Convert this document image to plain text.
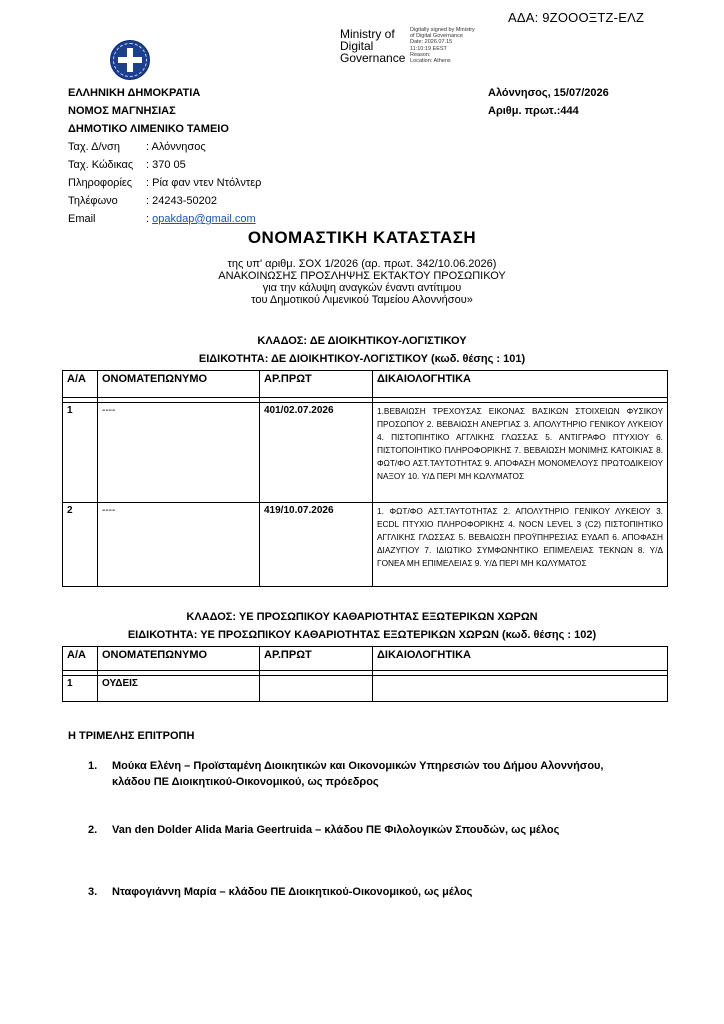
ΑΔΑ: 9ΖΟΟΟΞΤΖ-ΕΛΖ
Ministry of
Digital
Governance
Digitally signed by Ministry
of Digital Governance
Date: 2026.07.15
11:10:19 EEST
Reason:
Location: Athens
ΕΛΛΗΝΙΚΗ ΔΗΜΟΚΡΑΤΙΑ
ΝΟΜΟΣ ΜΑΓΝΗΣΙΑΣ
ΔΗΜΟΤΙΚΟ ΛΙΜΕΝΙΚΟ ΤΑΜΕΙΟ
Ταχ. Δ/νση : Αλόννησος
Ταχ. Κώδικας : 370 05
Πληροφορίες : Ρία φαν ντεν Ντόλντερ
Τηλέφωνο	: 24243-50202
Email	: opakdap@gmail.com
Αλόννησος, 15/07/2026
Αριθμ. πρωτ.:444
ΟΝΟΜΑΣΤΙΚΗ ΚΑΤΑΣΤΑΣΗ
της υπ' αριθμ. ΣΟΧ 1/2026 (αρ. πρωτ. 342/10.06.2026)
ΑΝΑΚΟΙΝΩΣΗΣ ΠΡΟΣΛΗΨΗΣ ΕΚΤΑΚΤΟΥ ΠΡΟΣΩΠΙΚΟΥ
για την κάλυψη αναγκών έναντι αντίτιμου
του Δημοτικού Λιμενικού Ταμείου Αλοννήσου»
ΚΛΑΔΟΣ: ΔΕ ΔΙΟΙΚΗΤΙΚΟΥ-ΛΟΓΙΣΤΙΚΟΥ
ΕΙΔΙΚΟΤΗΤΑ: ΔΕ ΔΙΟΙΚΗΤΙΚΟΥ-ΛΟΓΙΣΤΙΚΟΥ (κωδ. θέσης : 101)
Α/Α	ΟΝΟΜΑΤΕΠΩΝΥΜΟ	ΑΡ.ΠΡΩΤ	ΔΙΚΑΙΟΛΟΓΗΤΙΚΑ

1	----	401/02.07.2026	1.ΒΕΒΑΙΩΣΗ ΤΡΕΧΟΥΣΑΣ ΕΙΚΟΝΑΣ ΒΑΣΙΚΩΝ ΣΤΟΙΧΕΙΩΝ ΦΥΣΙΚΟΥ ΠΡΟΣΩΠΟΥ 2. ΒΕΒΑΙΩΣΗ ΑΝΕΡΓΙΑΣ 3. ΑΠΟΛΥΤΗΡΙΟ ΓΕΝΙΚΟΥ ΛΥΚΕΙΟΥ 4. ΠΙΣΤΟΠΙΗΤΙΚΟ ΑΓΓΛΙΚΗΣ ΓΛΩΣΣΑΣ 5. ΑΝΤΙΓΡΑΦΟ ΠΤΥΧΙΟΥ 6. ΠΙΣΤΟΠΟΙΗΤΙΚΟ ΠΛΗΡΟΦΟΡΙΚΗΣ 7. ΒΕΒΑΙΩΣΗ ΜΟΝΙΜΗΣ ΚΑΤΟΙΚΙΑΣ 8. ΦΩΤ/ΦΟ ΑΣΤ.ΤΑΥΤΟΤΗΤΑΣ 9. ΑΠΟΦΑΣΗ ΜΟΝΟΜΕΛΟΥΣ ΠΡΩΤΟΔΙΚΕΙΟΥ ΝΑΞΟΥ 10. Υ/Δ ΠΕΡΙ ΜΗ ΚΩΛΥΜΑΤΟΣ
2	----	419/10.07.2026	1. ΦΩΤ/ΦΟ ΑΣΤ.ΤΑΥΤΟΤΗΤΑΣ 2. ΑΠΟΛΥΤΗΡΙΟ ΓΕΝΙΚΟΥ ΛΥΚΕΙΟΥ 3. ECDL ΠΤΥΧΙΟ ΠΛΗΡΟΦΟΡΙΚΗΣ 4. NOCN LEVEL 3 (C2) ΠΙΣΤΟΠΙΗΤΙΚΟ ΑΓΓΛΙΚΗΣ ΓΛΩΣΣΑΣ 5. ΒΕΒΑΙΩΣΗ ΠΡΟΫΠΗΡΕΣΙΑΣ ΕΥΔΑΠ 6. ΑΠΟΦΑΣΗ ΔΙΑΖΥΓΙΟΥ 7. ΙΔΙΩΤΙΚΟ ΣΥΜΦΩΝΗΤΙΚΟ ΕΠΙΜΕΛΕΙΑΣ ΤΕΚΝΩΝ 8. Υ/Δ ΓΟΝΕΑ ΜΗ ΕΠΙΜΕΛΕΙΑΣ 9. Υ/Δ ΠΕΡΙ ΜΗ ΚΩΛΥΜΑΤΟΣ
ΚΛΑΔΟΣ: ΥΕ ΠΡΟΣΩΠΙΚΟΥ ΚΑΘΑΡΙΟΤΗΤΑΣ ΕΞΩΤΕΡΙΚΩΝ ΧΩΡΩΝ
ΕΙΔΙΚΟΤΗΤΑ: ΥΕ ΠΡΟΣΩΠΙΚΟΥ ΚΑΘΑΡΙΟΤΗΤΑΣ ΕΞΩΤΕΡΙΚΩΝ ΧΩΡΩΝ (κωδ. θέσης : 102)
Α/Α	ΟΝΟΜΑΤΕΠΩΝΥΜΟ	ΑΡ.ΠΡΩΤ	ΔΙΚΑΙΟΛΟΓΗΤΙΚΑ

1	ΟΥΔΕΙΣ		
Η ΤΡΙΜΕΛΗΣ ΕΠΙΤΡΟΠΗ
1. Μούκα Ελένη – Προϊσταμένη Διοικητικών και Οικονομικών Υπηρεσιών του Δήμου Αλοννήσου,
κλάδου ΠΕ Διοικητικού-Οικονομικού, ως πρόεδρος
2. Van den Dolder Alida Maria Geertruida – κλάδου ΠΕ Φιλολογικών Σπουδών, ως μέλος
3. Νταφογιάννη Μαρία – κλάδου ΠΕ Διοικητικού-Οικονομικού, ως μέλος
